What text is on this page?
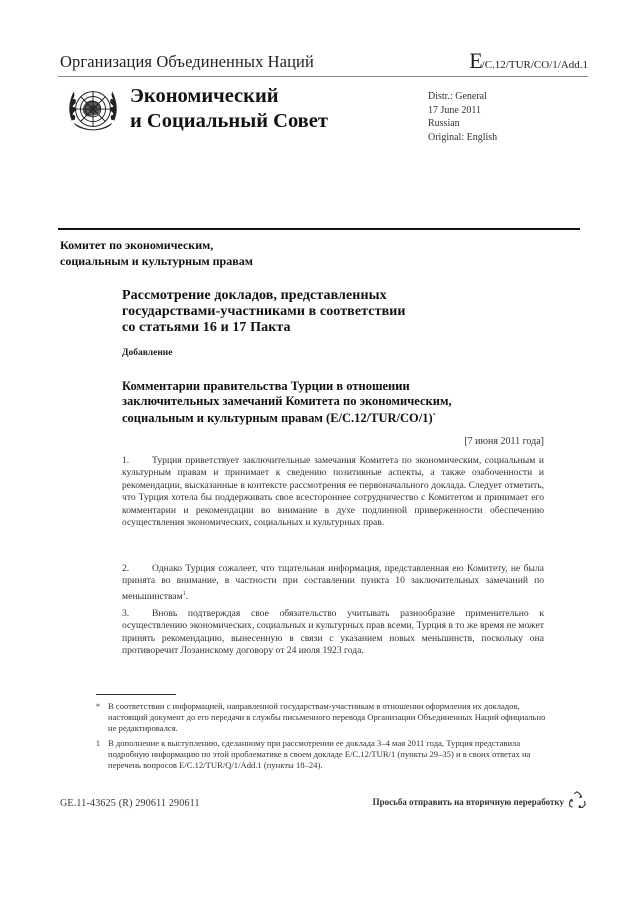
Организация Объединенных Наций	E/C.12/TUR/CO/1/Add.1
Экономический
и Социальный Совет
Distr.: General
17 June 2011
Russian
Original: English
Комитет по экономическим,
социальным и культурным правам
Рассмотрение докладов, представленных
государствами-участниками в соответствии
со статьями 16 и 17 Пакта
Добавление
Комментарии правительства Турции в отношении
заключительных замечаний Комитета по экономическим,
социальным и культурным правам (E/C.12/TUR/CO/1)*
[7 июня 2011 года]
1. Турция приветствует заключительные замечания Комитета по экономическим, социальным и культурным правам и принимает к сведению позитивные аспекты, а также озабоченности и рекомендации, высказанные в контексте рассмотрения ее первоначального доклада. Следует отметить, что Турция хотела бы поддерживать свое всестороннее сотрудничество с Комитетом и принимает его комментарии и рекомендации во внимание в духе подлинной приверженности обеспечению осуществления экономических, социальных и культурных прав.
2. Однако Турция сожалеет, что тщательная информация, представленная ею Комитету, не была принята во внимание, в частности при составлении пункта 10 заключительных замечаний по меньшинствам$^1$.
3. Вновь подтверждая свое обязательство учитывать разнообразие применительно к осуществлению экономических, социальных и культурных прав всеми, Турция в то же время не может принять рекомендацию, вынесенную в связи с указанием новых меньшинств, поскольку она противоречит Лозаннскому договору от 24 июля 1923 года.
* В соответствии с информацией, направленной государствам-участникам в отношении оформления их докладов, настоящий документ до его передачи в службы письменного перевода Организации Объединенных Наций официально не редактировался.
1 В дополнение к выступлению, сделанному при рассмотрении ее доклада 3–4 мая 2011 года, Турция представила подробную информацию по этой проблематике в своем докладе E/C.12/TUR/1 (пункты 29–35) и в своих ответах на перечень вопросов E/C.12/TUR/Q/1/Add.1 (пункты 18–24).
GE.11-43625 (R) 290611 290611	Просьба отправить на вторичную переработку
